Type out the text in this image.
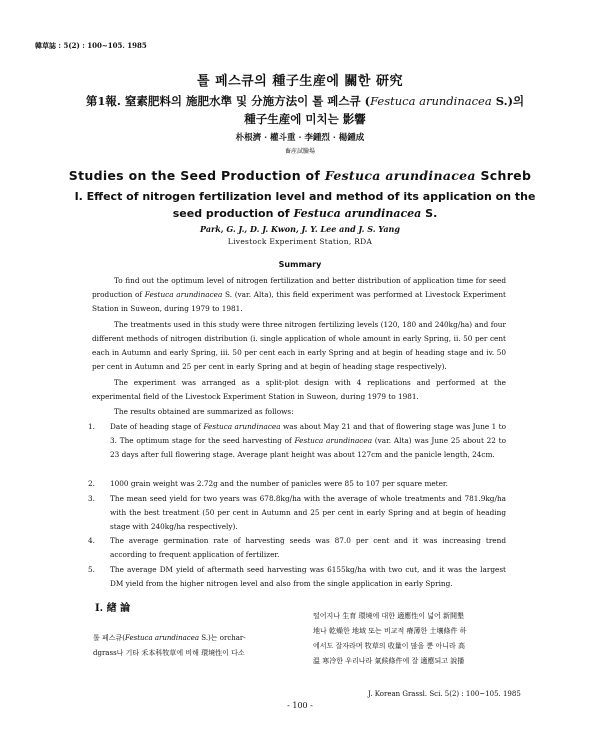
韓草誌 : 5(2) : 100~105. 1985
톨 페스큐의 種子生産에 關한 研究
第1報. 窒素肥料의 施肥水準 및 分施方法이 톨 페스큐 (Festuca arundinacea S.)의
種子生産에 미치는 影響
朴根濟 · 權斗重 · 李鍾烈 · 楊鍾成
畜産試驗場
Studies on the Seed Production of Festuca arundinacea Schreb
I. Effect of nitrogen fertilization level and method of its application on the
seed production of Festuca arundinacea S.
Park, G. J., D. J. Kwon, J. Y. Lee and J. S. Yang
Livestock Experiment Station, RDA
Summary

To find out the optimum level of nitrogen fertilization and better distribution of application time for seed production of Festuca arundinacea S. (var. Alta), this field experiment was performed at Livestock Experiment Station in Suweon, during 1979 to 1981.

The treatments used in this study were three nitrogen fertilizing levels (120, 180 and 240kg/ha) and four different methods of nitrogen distribution (i. single application of whole amount in early Spring, ii. 50 per cent each in Autumn and early Spring, iii. 50 per cent each in early Spring and at begin of heading stage and iv. 50 per cent in Autumn and 25 per cent in early Spring and at begin of heading stage respectively).

The experiment was arranged as a split-plot design with 4 replications and performed at the experimental field of the Livestock Experiment Station in Suweon, during 1979 to 1981.

The results obtained are summarized as follows:

1. Date of heading stage of Festuca arundinacea was about May 21 and that of flowering stage was June 1 to 3. The optimum stage for the seed harvesting of Festuca arundinacea (var. Alta) was June 25 about 22 to 23 days after full flowering stage. Average plant height was about 127cm and the panicle length, 24cm.
2. 1000 grain weight was 2.72g and the number of panicles were 85 to 107 per square meter.
3. The mean seed yield for two years was 678.8kg/ha with the average of whole treatments and 781.9kg/ha with the best treatment (50 per cent in Autumn and 25 per cent in early Spring and at begin of heading stage with 240kg/ha respectively).
4. The average germination rate of harvesting seeds was 87.0 per cent and it was increasing trend according to frequent application of fertilizer.
5. The average DM yield of aftermath seed harvesting was 6155kg/ha with two cut, and it was the largest DM yield from the higher nitrogen level and also from the single application in early Spring.
I. 緖 論
톨 페스큐(Festuca arundinacea S.)는 orchar-
dgrass나 기타 禾本科牧草에 비해 環境性이 다소
떨어지나 生育 環境에 대한 適應性이 넓어 新開墾
地나 乾燥한 地域 또는 비교적 瘠薄한 土壤條件 하
에서도 잘자라며 牧草의 收量이 많을 뿐 아니라 高
温 寒冷한 우리나라 氣候條件에 잘 適應되고 說播
J. Korean Grassl. Sci. 5(2) : 100~105. 1985
- 100 -
